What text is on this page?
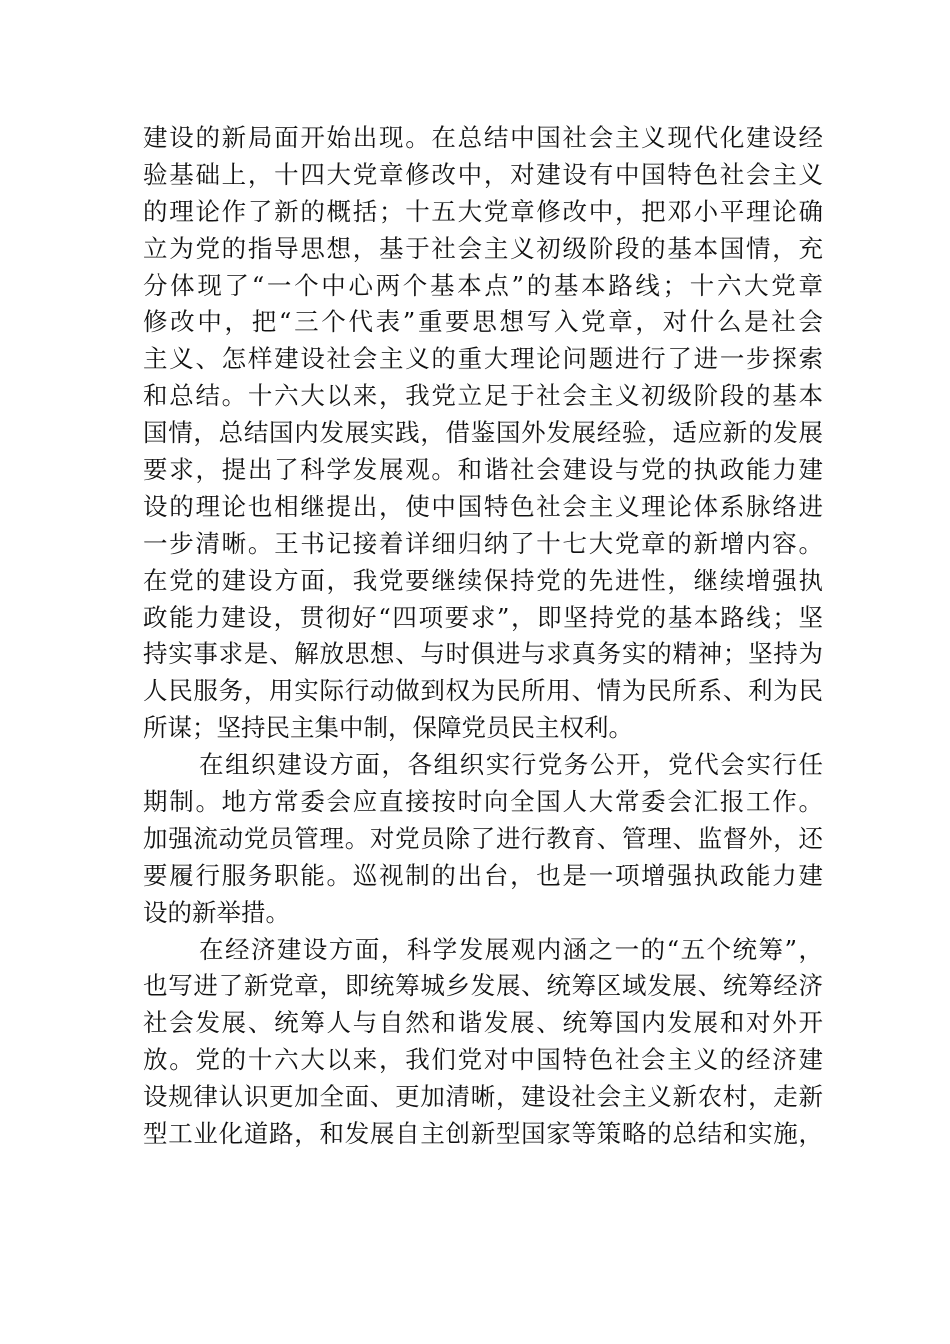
建设的新局面开始出现。在总结中国社会主义现代化建设经
验基础上，十四大党章修改中，对建设有中国特色社会主义
的理论作了新的概括；十五大党章修改中，把邓小平理论确
立为党的指导思想，基于社会主义初级阶段的基本国情，充
分体现了“一个中心两个基本点”的基本路线；十六大党章
修改中，把“三个代表”重要思想写入党章，对什么是社会
主义、怎样建设社会主义的重大理论问题进行了进一步探索
和总结。十六大以来，我党立足于社会主义初级阶段的基本
国情，总结国内发展实践，借鉴国外发展经验，适应新的发展
要求，提出了科学发展观。和谐社会建设与党的执政能力建
设的理论也相继提出，使中国特色社会主义理论体系脉络进
一步清晰。王书记接着详细归纳了十七大党章的新增内容。
在党的建设方面，我党要继续保持党的先进性，继续增强执
政能力建设，贯彻好“四项要求”，即坚持党的基本路线；坚
持实事求是、解放思想、与时俱进与求真务实的精神；坚持为
人民服务，用实际行动做到权为民所用、情为民所系、利为民
所谋；坚持民主集中制，保障党员民主权利。
在组织建设方面，各组织实行党务公开，党代会实行任
期制。地方常委会应直接按时向全国人大常委会汇报工作。
加强流动党员管理。对党员除了进行教育、管理、监督外，还
要履行服务职能。巡视制的出台，也是一项增强执政能力建
设的新举措。
在经济建设方面，科学发展观内涵之一的“五个统筹”，
也写进了新党章，即统筹城乡发展、统筹区域发展、统筹经济
社会发展、统筹人与自然和谐发展、统筹国内发展和对外开
放。党的十六大以来，我们党对中国特色社会主义的经济建
设规律认识更加全面、更加清晰，建设社会主义新农村，走新
型工业化道路，和发展自主创新型国家等策略的总结和实施，
